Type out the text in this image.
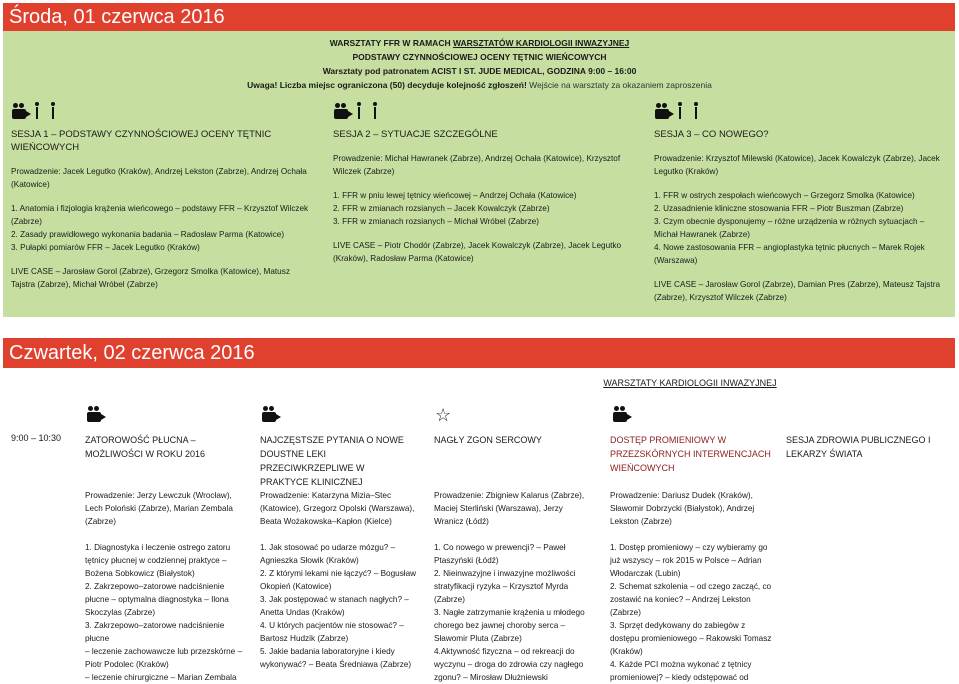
Środa, 01 czerwca 2016
WARSZTATY FFR W RAMACH WARSZTATÓW KARDIOLOGII INWAZYJNEJ
PODSTAWY CZYNNOŚCIOWEJ OCENY TĘTNIC WIEŃCOWYCH
Warsztaty pod patronatem ACIST I ST. JUDE MEDICAL, GODZINA 9:00 – 16:00
Uwaga! Liczba miejsc ograniczona (50) decyduje kolejność zgłoszeń! Wejście na warsztaty za okazaniem zaproszenia
SESJA 1 – PODSTAWY CZYNNOŚCIOWEJ OCENY TĘTNIC WIEŃCOWYCH
Prowadzenie: Jacek Legutko (Kraków), Andrzej Lekston (Zabrze), Andrzej Ochała (Katowice)
1. Anatomia i fizjologia krążenia wieńcowego – podstawy FFR – Krzysztof Wilczek (Zabrze)
2. Zasady prawidłowego wykonania badania – Radosław Parma (Katowice)
3. Pułapki pomiarów FFR – Jacek Legutko (Kraków)
LIVE CASE – Jarosław Gorol (Zabrze), Grzegorz Smolka (Katowice), Matusz Tajstra (Zabrze), Michał Wróbel (Zabrze)
SESJA 2 – SYTUACJE SZCZEGÓLNE
Prowadzenie: Michał Hawranek (Zabrze), Andrzej Ochała (Katowice), Krzysztof Wilczek (Zabrze)
1. FFR w pniu lewej tętnicy wieńcowej – Andrzej Ochała (Katowice)
2. FFR w zmianach rozsianych – Jacek Kowalczyk (Zabrze)
3. FFR w zmianach rozsianych – Michał Wróbel (Zabrze)
LIVE CASE – Piotr Chodór (Zabrze), Jacek Kowalczyk (Zabrze), Jacek Legutko (Kraków), Radosław Parma (Katowice)
SESJA 3 – CO NOWEGO?
Prowadzenie: Krzysztof Milewski (Katowice), Jacek Kowalczyk (Zabrze), Jacek Legutko (Kraków)
1. FFR w ostrych zespołach wieńcowych – Grzegorz Smolka (Katowice)
2. Uzasadnienie kliniczne stosowania FFR – Piotr Buszman (Zabrze)
3. Czym obecnie dysponujemy – różne urządzenia w różnych sytuacjach – Michał Hawranek (Zabrze)
4. Nowe zastosowania FFR – angioplastyka tętnic płucnych – Marek Rojek (Warszawa)
LIVE CASE – Jarosław Gorol (Zabrze), Damian Pres (Zabrze), Mateusz Tajstra (Zabrze), Krzysztof Wilczek (Zabrze)
Czwartek, 02 czerwca 2016
WARSZTATY KARDIOLOGII INWAZYJNEJ
☆
9:00 – 10:30	ZATOROWOŚĆ PŁUCNA – MOŻLIWOŚCI W ROKU 2016
NAJCZĘSTSZE PYTANIA O NOWE DOUSTNE LEKI PRZECIWKRZEPLIWE W PRAKTYCE KLINICZNEJ
NAGŁY ZGON SERCOWY	DOSTĘP PROMIENIOWY W PRZEZSKÓRNYCH INTERWENCJACH WIEŃCOWYCH
SESJA ZDROWIA PUBLICZNEGO I LEKARZY ŚWIATA
Prowadzenie: Jerzy Lewczuk (Wrocław), Lech Poloński (Zabrze), Marian Zembala (Zabrze)
Prowadzenie: Katarzyna Mizia–Stec (Katowice), Grzegorz Opolski (Warszawa), Beata Wożakowska–Kapłon (Kielce)
Prowadzenie: Zbigniew Kalarus (Zabrze), Maciej Sterliński (Warszawa), Jerzy Wranicz (Łódź)
Prowadzenie: Dariusz Dudek (Kraków), Sławomir Dobrzycki (Białystok), Andrzej Lekston (Zabrze)
1. Diagnostyka i leczenie ostrego zatoru tętnicy płucnej w codziennej praktyce – Bożena Sobkowicz (Białystok)
2. Zakrzepowo–zatorowe nadciśnienie płucne – optymalna diagnostyka – Ilona Skoczylas (Zabrze)
3. Zakrzepowo–zatorowe nadciśnienie płucne
– leczenie zachowawcze lub przezskórne – Piotr Podolec (Kraków)
– leczenie chirurgiczne – Marian Zembala
1. Jak stosować po udarze mózgu? – Agnieszka Słowik (Kraków)
2. Z którymi lekami nie łączyć? – Bogusław Okopień (Katowice)
3. Jak postępować w stanach nagłych? – Anetta Undas (Kraków)
4. U których pacjentów nie stosować? – Bartosz Hudzik (Zabrze)
5. Jakie badania laboratoryjne i kiedy wykonywać? – Beata Średniawa (Zabrze)
1. Co nowego w prewencji? – Paweł Ptaszyński (Łódź)
2. Nieinwazyjne i inwazyjne możliwości stratyfikacji ryzyka – Krzysztof Myrda (Zabrze)
3. Nagłe zatrzymanie krążenia u młodego chorego bez jawnej choroby serca – Sławomir Pluta (Zabrze)
4.Aktywność fizyczna – od rekreacji do wyczynu – droga do zdrowia czy nagłego zgonu? – Mirosław Dłużniewski
1. Dostęp promieniowy – czy wybieramy go już wszyscy – rok 2015 w Polsce – Adrian Włodarczak (Lubin)
2. Schemat szkolenia – od czego zacząć, co zostawić na koniec? – Andrzej Lekston (Zabrze)
3. Sprzęt dedykowany do zabiegów z dostępu promieniowego – Rakowski Tomasz (Kraków)
4. Każde PCI można wykonać z tętnicy promieniowej? – kiedy odstępować od
